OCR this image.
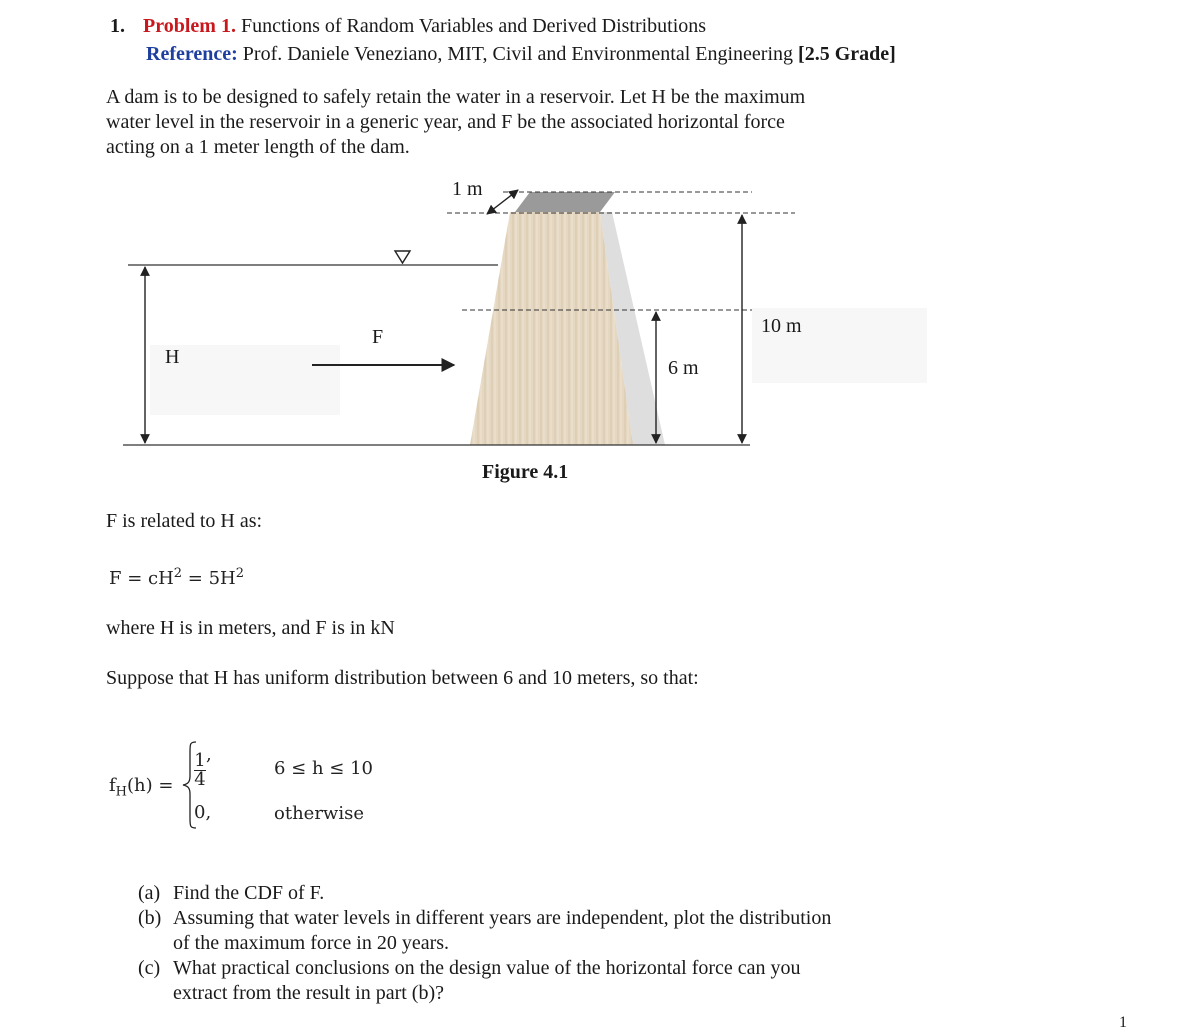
1. Problem 1. Functions of Random Variables and Derived Distributions
Reference: Prof. Daniele Veneziano, MIT, Civil and Environmental Engineering [2.5 Grade]
A dam is to be designed to safely retain the water in a reservoir. Let H be the maximum
water level in the reservoir in a generic year, and F be the associated horizontal force
acting on a 1 meter length of the dam.
1 m
10 m
6 m
H
F
Figure 4.1
F is related to H as:
$F = cH^2 = 5H^2$
where H is in meters, and F is in kN
Suppose that H has uniform distribution between 6 and 10 meters, so that:
$f_H(h) = \frac{1}{4}$ ,
0,
6 ≤ h ≤ 10
otherwise
(a) Find the CDF of F.
(b) Assuming that water levels in different years are independent, plot the distribution
of the maximum force in 20 years.
(c) What practical conclusions on the design value of the horizontal force can you
extract from the result in part (b)?
1
